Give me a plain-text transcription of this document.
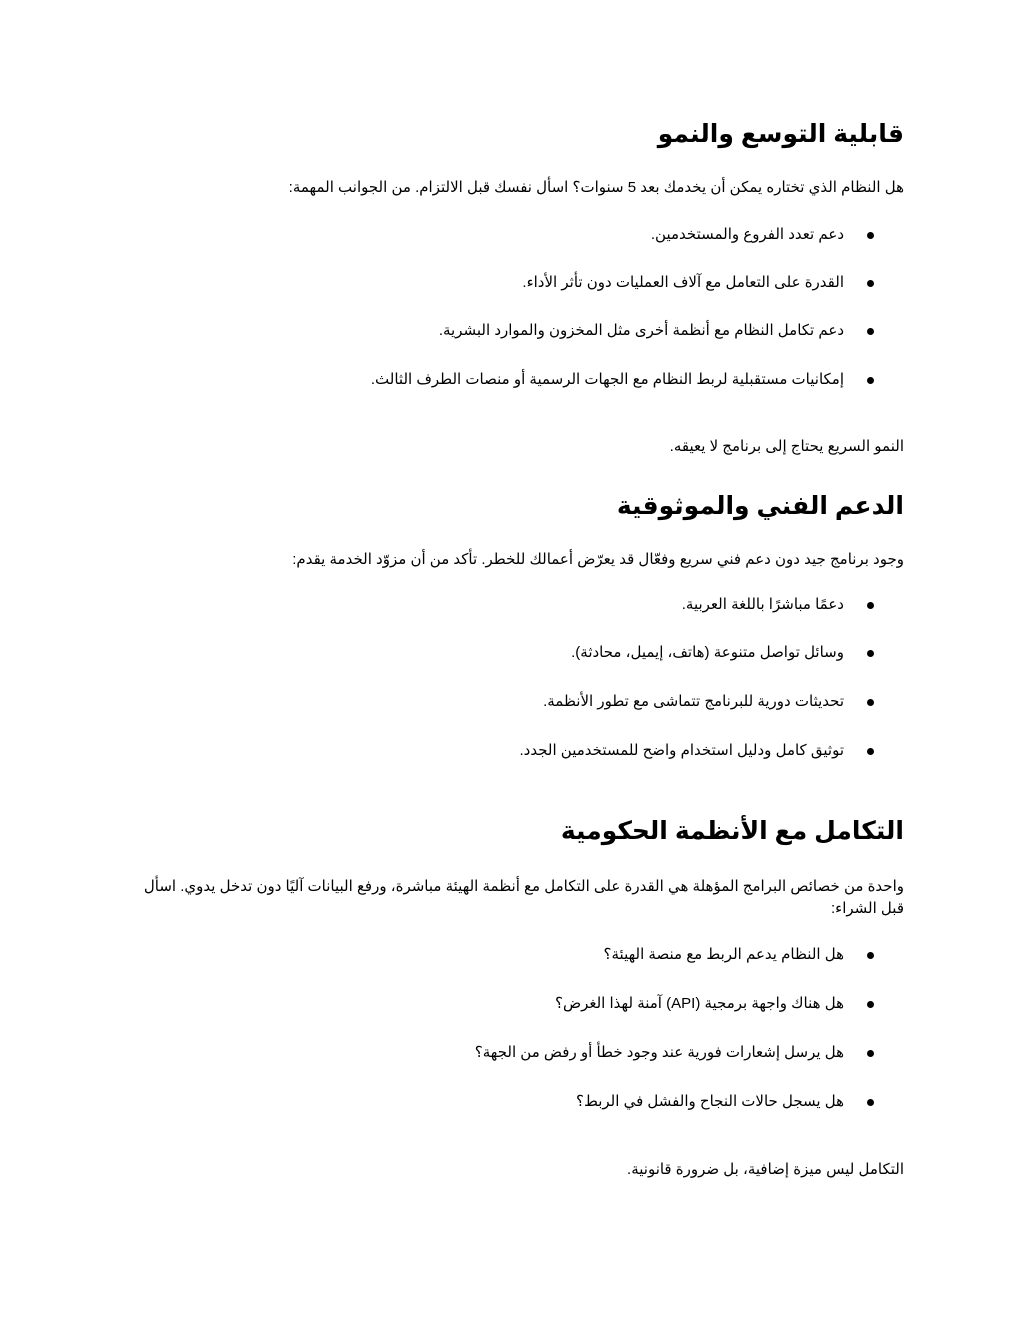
قابلية التوسع والنمو

هل النظام الذي تختاره يمكن أن يخدمك بعد 5 سنوات؟ اسأل نفسك قبل الالتزام. من الجوانب المهمة:

دعم تعدد الفروع والمستخدمين.
القدرة على التعامل مع آلاف العمليات دون تأثر الأداء.
دعم تكامل النظام مع أنظمة أخرى مثل المخزون والموارد البشرية.
إمكانيات مستقبلية لربط النظام مع الجهات الرسمية أو منصات الطرف الثالث.

النمو السريع يحتاج إلى برنامج لا يعيقه.

الدعم الفني والموثوقية

وجود برنامج جيد دون دعم فني سريع وفعّال قد يعرّض أعمالك للخطر. تأكد من أن مزوّد الخدمة يقدم:

دعمًا مباشرًا باللغة العربية.
وسائل تواصل متنوعة (هاتف، إيميل، محادثة).
تحديثات دورية للبرنامج تتماشى مع تطور الأنظمة.
توثيق كامل ودليل استخدام واضح للمستخدمين الجدد.
التكامل مع الأنظمة الحكومية

واحدة من خصائص البرامج المؤهلة هي القدرة على التكامل مع أنظمة الهيئة مباشرة، ورفع البيانات آليًا دون تدخل يدوي. اسأل قبل الشراء:

هل النظام يدعم الربط مع منصة الهيئة؟
هل هناك واجهة برمجية (API) آمنة لهذا الغرض؟
هل يرسل إشعارات فورية عند وجود خطأ أو رفض من الجهة؟
هل يسجل حالات النجاح والفشل في الربط؟

التكامل ليس ميزة إضافية، بل ضرورة قانونية.
